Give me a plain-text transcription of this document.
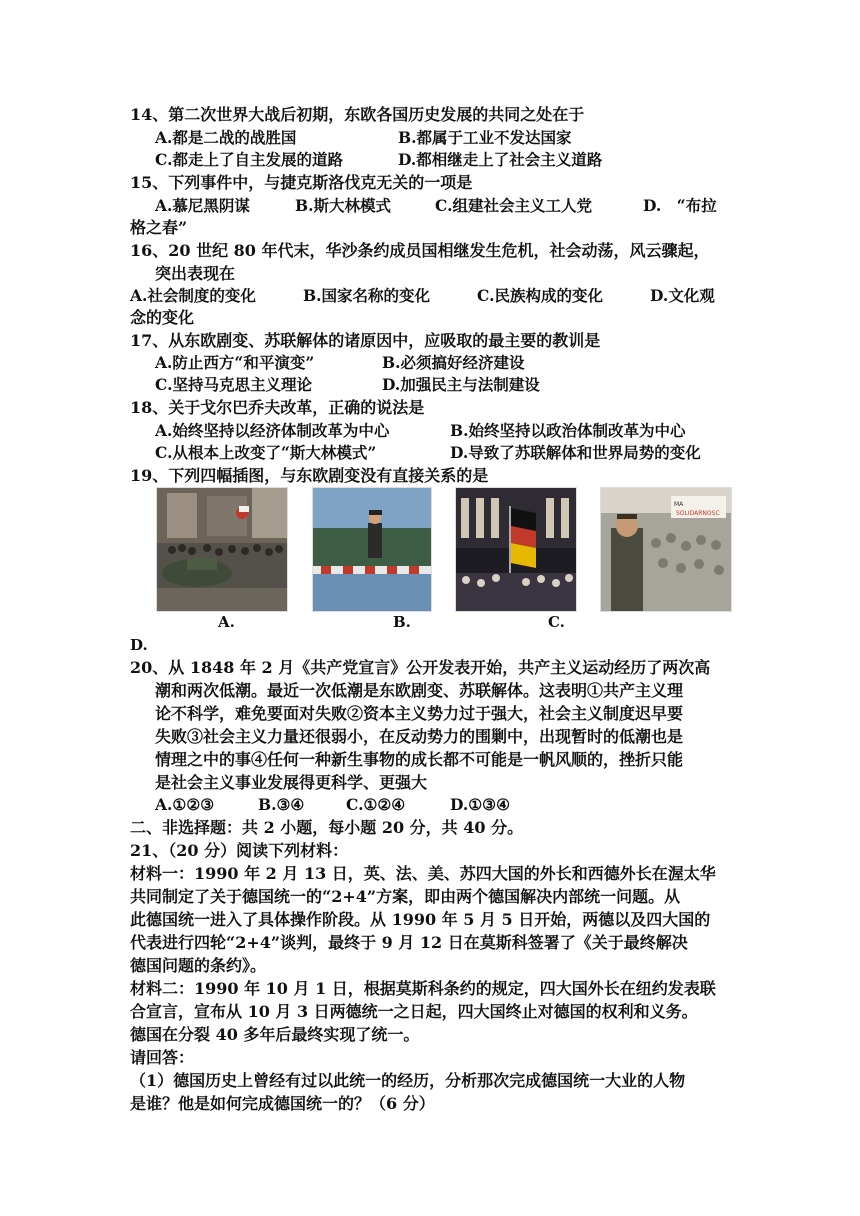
14、第二次世界大战后初期，东欧各国历史发展的共同之处在于
A.都是二战的战胜国	B.都属于工业不发达国家
C.都走上了自主发展的道路	D.都相继走上了社会主义道路
15、下列事件中，与捷克斯洛伐克无关的一项是
A.慕尼黑阴谋	B.斯大林模式	C.组建社会主义工人党	D.　“布拉
格之春”
16、20 世纪 80 年代末，华沙条约成员国相继发生危机，社会动荡，风云骤起，
突出表现在
A.社会制度的变化	B.国家名称的变化	C.民族构成的变化	D.文化观
念的变化
17、从东欧剧变、苏联解体的诸原因中，应吸取的最主要的教训是
A.防止西方“和平演变”	B.必须搞好经济建设
C.坚持马克思主义理论	D.加强民主与法制建设
18、关于戈尔巴乔夫改革，正确的说法是
A.始终坚持以经济体制改革为中心	B.始终坚持以政治体制改革为中心
C.从根本上改变了“斯大林模式”	D.导致了苏联解体和世界局势的变化
19、下列四幅插图，与东欧剧变没有直接关系的是
MA
SOLIDARNOSC
A.	B.	C.
D.
20、从 1848 年 2 月《共产党宣言》公开发表开始，共产主义运动经历了两次高
潮和两次低潮。最近一次低潮是东欧剧变、苏联解体。这表明①共产主义理
论不科学，难免要面对失败②资本主义势力过于强大，社会主义制度迟早要
失败③社会主义力量还很弱小，在反动势力的围剿中，出现暂时的低潮也是
情理之中的事④任何一种新生事物的成长都不可能是一帆风顺的，挫折只能
是社会主义事业发展得更科学、更强大
A.①②③	B.③④	C.①②④	D.①③④
二、非选择题：共 2 小题，每小题 20 分，共 40 分。
21、（20 分）阅读下列材料：
材料一：1990 年 2 月 13 日，英、法、美、苏四大国的外长和西德外长在渥太华
共同制定了关于德国统一的“2+4”方案，即由两个德国解决内部统一问题。从
此德国统一进入了具体操作阶段。从 1990 年 5 月 5 日开始，两德以及四大国的
代表进行四轮“2+4”谈判，最终于 9 月 12 日在莫斯科签署了《关于最终解决
德国问题的条约》。
材料二：1990 年 10 月 1 日，根据莫斯科条约的规定，四大国外长在纽约发表联
合宣言，宣布从 10 月 3 日两德统一之日起，四大国终止对德国的权利和义务。
德国在分裂 40 多年后最终实现了统一。
请回答：
（1）德国历史上曾经有过以此统一的经历，分析那次完成德国统一大业的人物
是谁？他是如何完成德国统一的？（6 分）
